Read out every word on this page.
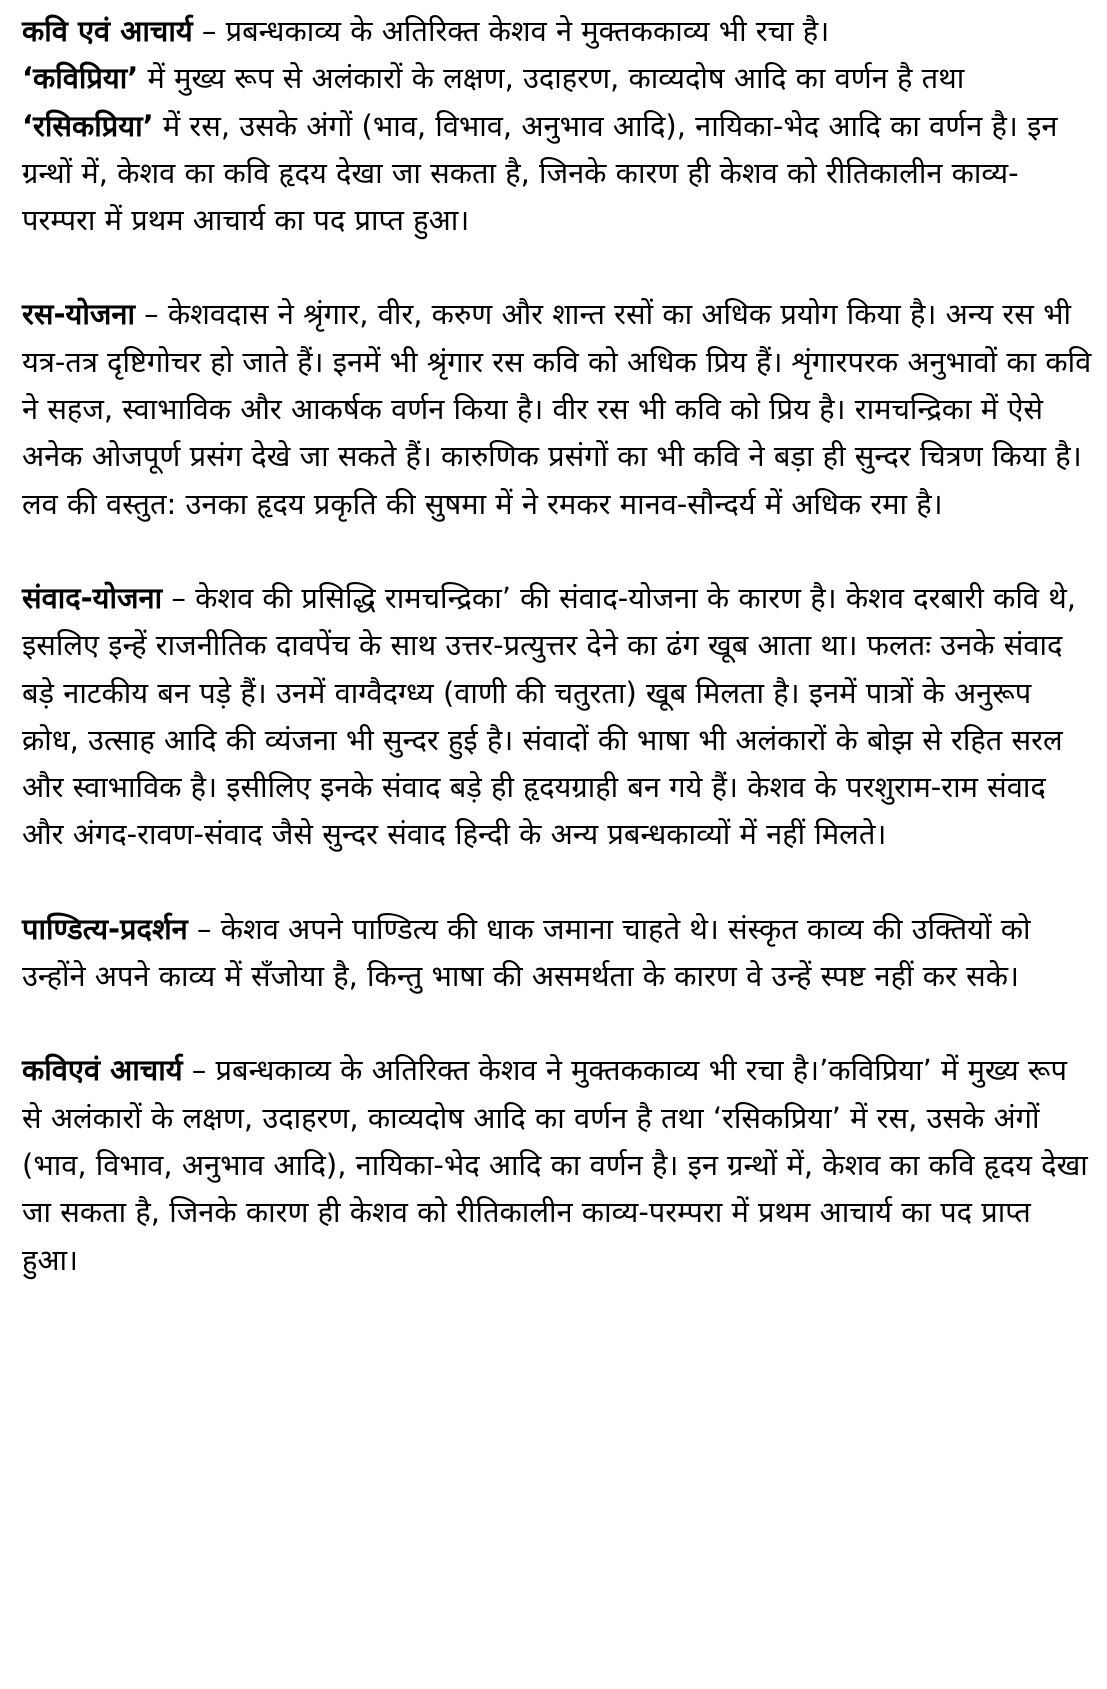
कवि एवं आचार्य – प्रबन्धकाव्य के अतिरिक्त केशव ने मुक्तककाव्य भी रचा है।
‘कविप्रिया’ में मुख्य रूप से अलंकारों के लक्षण, उदाहरण, काव्यदोष आदि का वर्णन है तथा ‘रसिकप्रिया’ में रस, उसके अंगों (भाव, विभाव, अनुभाव आदि), नायिका-भेद आदि का वर्णन है। इन ग्रन्थों में, केशव का कवि हृदय देखा जा सकता है, जिनके कारण ही केशव को रीतिकालीन काव्य-परम्परा में प्रथम आचार्य का पद प्राप्त हुआ।

रस-योजना – केशवदास ने श्रृंगार, वीर, करुण और शान्त रसों का अधिक प्रयोग किया है। अन्य रस भी यत्र-तत्र दृष्टिगोचर हो जाते हैं। इनमें भी श्रृंगार रस कवि को अधिक प्रिय हैं। शृंगारपरक अनुभावों का कवि ने सहज, स्वाभाविक और आकर्षक वर्णन किया है। वीर रस भी कवि को प्रिय है। रामचन्द्रिका में ऐसे अनेक ओजपूर्ण प्रसंग देखे जा सकते हैं। कारुणिक प्रसंगों का भी कवि ने बड़ा ही सुन्दर चित्रण किया है। लव की वस्तुत: उनका हृदय प्रकृति की सुषमा में ने रमकर मानव-सौन्दर्य में अधिक रमा है।

संवाद-योजना – केशव की प्रसिद्धि रामचन्द्रिका’ की संवाद-योजना के कारण है। केशव दरबारी कवि थे, इसलिए इन्हें राजनीतिक दावपेंच के साथ उत्तर-प्रत्युत्तर देने का ढंग खूब आता था। फलतः उनके संवाद बड़े नाटकीय बन पड़े हैं। उनमें वाग्वैदग्ध्य (वाणी की चतुरता) खूब मिलता है। इनमें पात्रों के अनुरूप क्रोध, उत्साह आदि की व्यंजना भी सुन्दर हुई है। संवादों की भाषा भी अलंकारों के बोझ से रहित सरल और स्वाभाविक है। इसीलिए इनके संवाद बड़े ही हृदयग्राही बन गये हैं। केशव के परशुराम-राम संवाद और अंगद-रावण-संवाद जैसे सुन्दर संवाद हिन्दी के अन्य प्रबन्धकाव्यों में नहीं मिलते।

पाण्डित्य-प्रदर्शन – केशव अपने पाण्डित्य की धाक जमाना चाहते थे। संस्कृत काव्य की उक्तियों को उन्होंने अपने काव्य में सँजोया है, किन्तु भाषा की असमर्थता के कारण वे उन्हें स्पष्ट नहीं कर सके।

कविएवं आचार्य – प्रबन्धकाव्य के अतिरिक्त केशव ने मुक्तककाव्य भी रचा है।’कविप्रिया’ में मुख्य रूप से अलंकारों के लक्षण, उदाहरण, काव्यदोष आदि का वर्णन है तथा ‘रसिकप्रिया’ में रस, उसके अंगों (भाव, विभाव, अनुभाव आदि), नायिका-भेद आदि का वर्णन है। इन ग्रन्थों में, केशव का कवि हृदय देखा जा सकता है, जिनके कारण ही केशव को रीतिकालीन काव्य-परम्परा में प्रथम आचार्य का पद प्राप्त हुआ।
